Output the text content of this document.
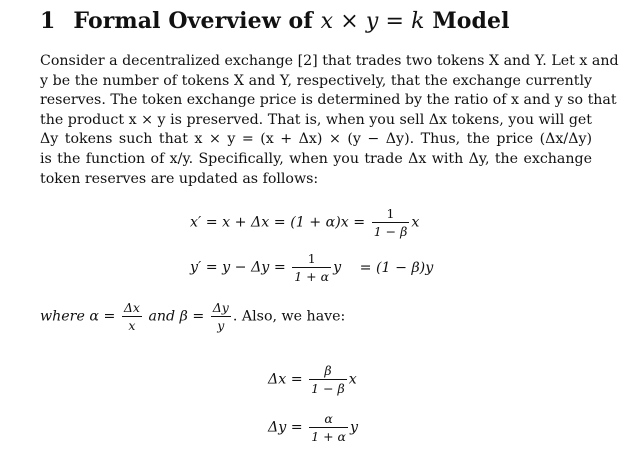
1 Formal Overview of x × y = k Model
Consider a decentralized exchange [2] that trades two tokens X and Y. Let x and
y be the number of tokens X and Y, respectively, that the exchange currently
reserves. The token exchange price is determined by the ratio of x and y so that
the product x × y is preserved. That is, when you sell Δx tokens, you will get
Δy tokens such that x × y = (x + Δx) × (y − Δy). Thus, the price (Δx/Δy)
is the function of x/y. Specifically, when you trade Δx with Δy, the exchange
token reserves are updated as follows:
$x' = x + \Delta x = (1 + \alpha)x = \frac{1}{1 - \beta}$ x
$y' = y - \Delta y = \frac{1}{1 + \alpha}$ y = (1 − β)y
where $\alpha = \frac{\Delta x}{x}$ and $\beta = \frac{\Delta y}{y}$ . Also, we have:
$\Delta x = \frac{\beta}{1 - \beta}$ x
$\Delta y = \frac{\alpha}{1 + \alpha}$ y
